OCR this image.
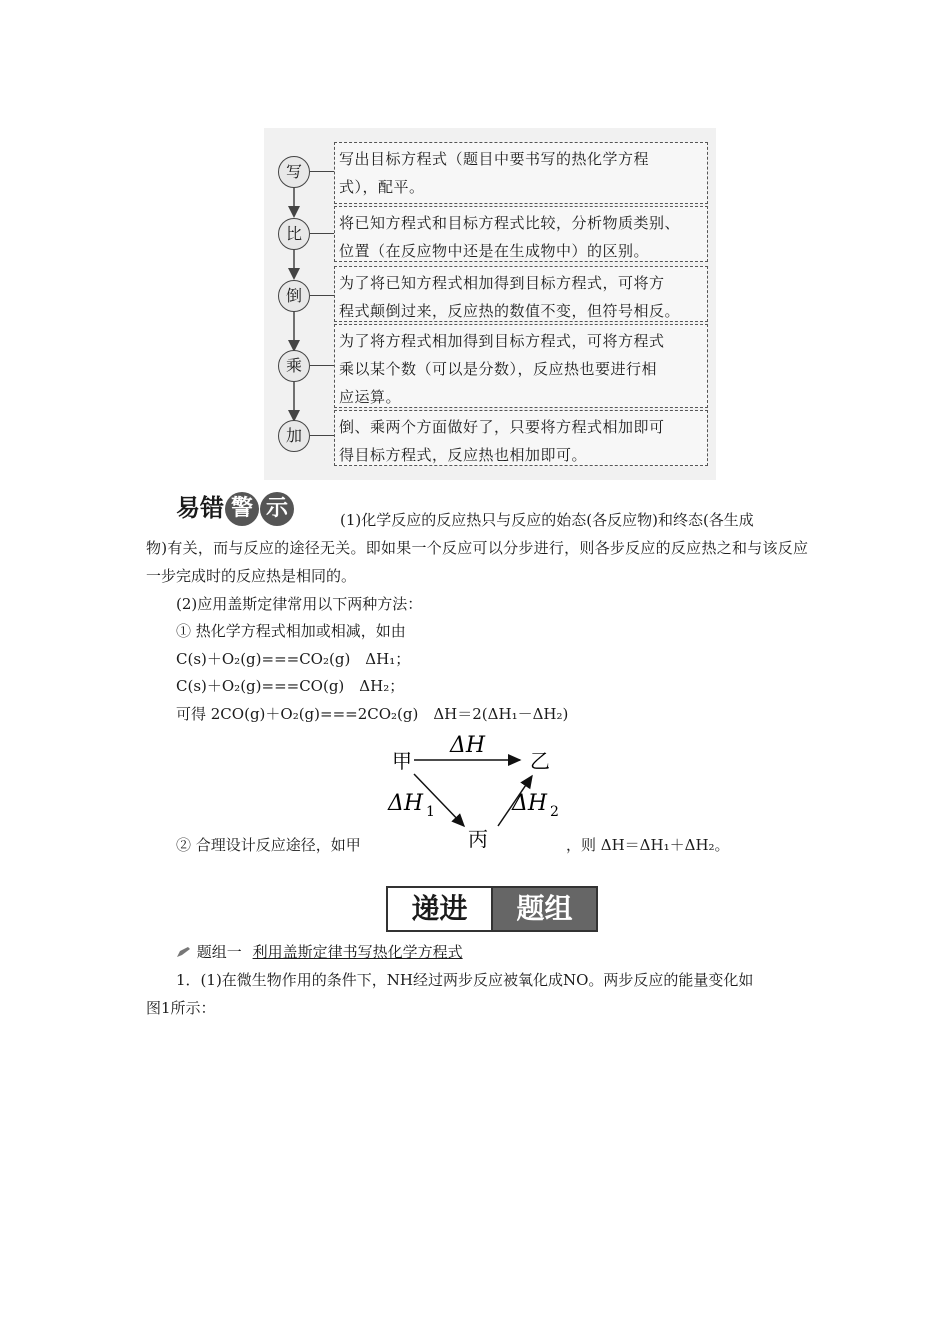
写
写出目标方程式（题目中要书写的热化学方程
式），配平。
比
将已知方程式和目标方程式比较，分析物质类别、
位置（在反应物中还是在生成物中）的区别。
倒
为了将已知方程式相加得到目标方程式，可将方
程式颠倒过来，反应热的数值不变，但符号相反。
乘
为了将方程式相加得到目标方程式，可将方程式
乘以某个数（可以是分数），反应热也要进行相
应运算。
加	倒、乘两个方面做好了，只要将方程式相加即可
得目标方程式，反应热也相加即可。
易错 警 示	(1)化学反应的反应热只与反应的始态(各反应物)和终态(各生成
物)有关，而与反应的途径无关。即如果一个反应可以分步进行，则各步反应的反应热之和与该反应一步完成时的反应热是相同的。
(2)应用盖斯定律常用以下两种方法：
① 热化学方程式相加或相减，如由
C(s)＋O₂(g)===CO₂(g)　ΔH₁；
C(s)＋O₂(g)===CO(g)　ΔH₂；
可得 2CO(g)＋O₂(g)===2CO₂(g)　ΔH＝2(ΔH₁－ΔH₂)
甲	乙
丙
ΔH
ΔH 1	ΔH 2
② 合理设计反应途径，如甲	，则 ΔH＝ΔH₁＋ΔH₂。
递进	题组
题组一 利用盖斯定律书写热化学方程式
1．(1)在微生物作用的条件下，NH经过两步反应被氧化成NO。两步反应的能量变化如
图1所示：
